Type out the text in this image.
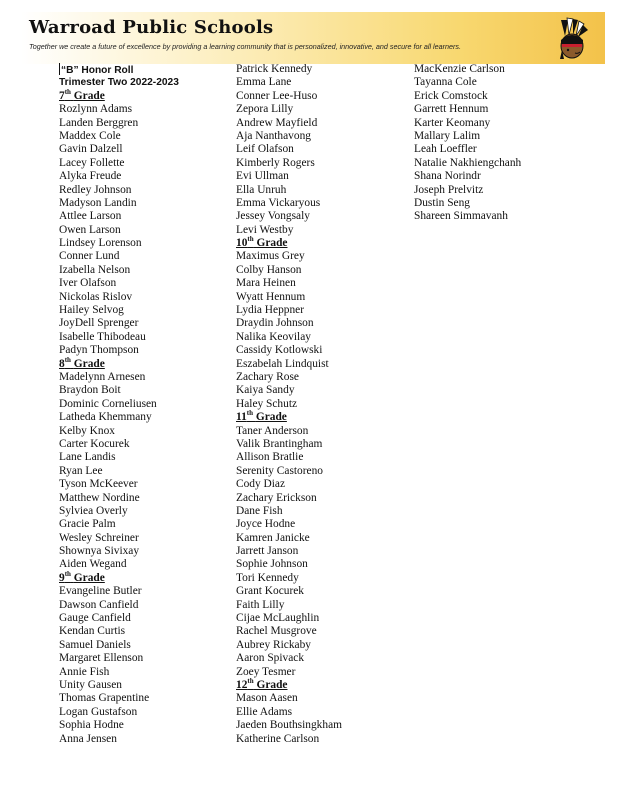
Warroad Public Schools
Together we create a future of excellence by providing a learning community that is personalized, innovative, and secure for all learners.
“B” Honor Roll
Trimester Two 2022-2023
7th Grade
Rozlynn Adams
Landen Berggren
Maddex Cole
Gavin Dalzell
Lacey Follette
Alyka Freude
Redley Johnson
Madyson Landin
Attlee Larson
Owen Larson
Lindsey Lorenson
Conner Lund
Izabella Nelson
Iver Olafson
Nickolas Rislov
Hailey Selvog
JoyDell Sprenger
Isabelle Thibodeau
Padyn Thompson
8th Grade
Madelynn Arnesen
Braydon Boit
Dominic Corneliusen
Latheda Khemmany
Kelby Knox
Carter Kocurek
Lane Landis
Ryan Lee
Tyson McKeever
Matthew Nordine
Sylviea Overly
Gracie Palm
Wesley Schreiner
Shownya Sivixay
Aiden Wegand
9th Grade
Evangeline Butler
Dawson Canfield
Gauge Canfield
Kendan Curtis
Samuel Daniels
Margaret Ellenson
Annie Fish
Unity Gausen
Thomas Grapentine
Logan Gustafson
Sophia Hodne
Anna Jensen
Patrick Kennedy
Emma Lane
Conner Lee-Huso
Zepora Lilly
Andrew Mayfield
Aja Nanthavong
Leif Olafson
Kimberly Rogers
Evi Ullman
Ella Unruh
Emma Vickaryous
Jessey Vongsaly
Levi Westby
10th Grade
Maximus Grey
Colby Hanson
Mara Heinen
Wyatt Hennum
Lydia Heppner
Draydin Johnson
Nalika Keovilay
Cassidy Kotlowski
Eszabelah Lindquist
Zachary Rose
Kaiya Sandy
Haley Schutz
11th Grade
Taner Anderson
Valik Brantingham
Allison Bratlie
Serenity Castoreno
Cody Diaz
Zachary Erickson
Dane Fish
Joyce Hodne
Kamren Janicke
Jarrett Janson
Sophie Johnson
Tori Kennedy
Grant Kocurek
Faith Lilly
Cijae McLaughlin
Rachel Musgrove
Aubrey Rickaby
Aaron Spivack
Zoey Tesmer
12th Grade
Mason Aasen
Ellie Adams
Jaeden Bouthsingkham
Katherine Carlson
MacKenzie Carlson
Tayanna Cole
Erick Comstock
Garrett Hennum
Karter Keomany
Mallary Lalim
Leah Loeffler
Natalie Nakhiengchanh
Shana Norindr
Joseph Prelvitz
Dustin Seng
Shareen Simmavanh
